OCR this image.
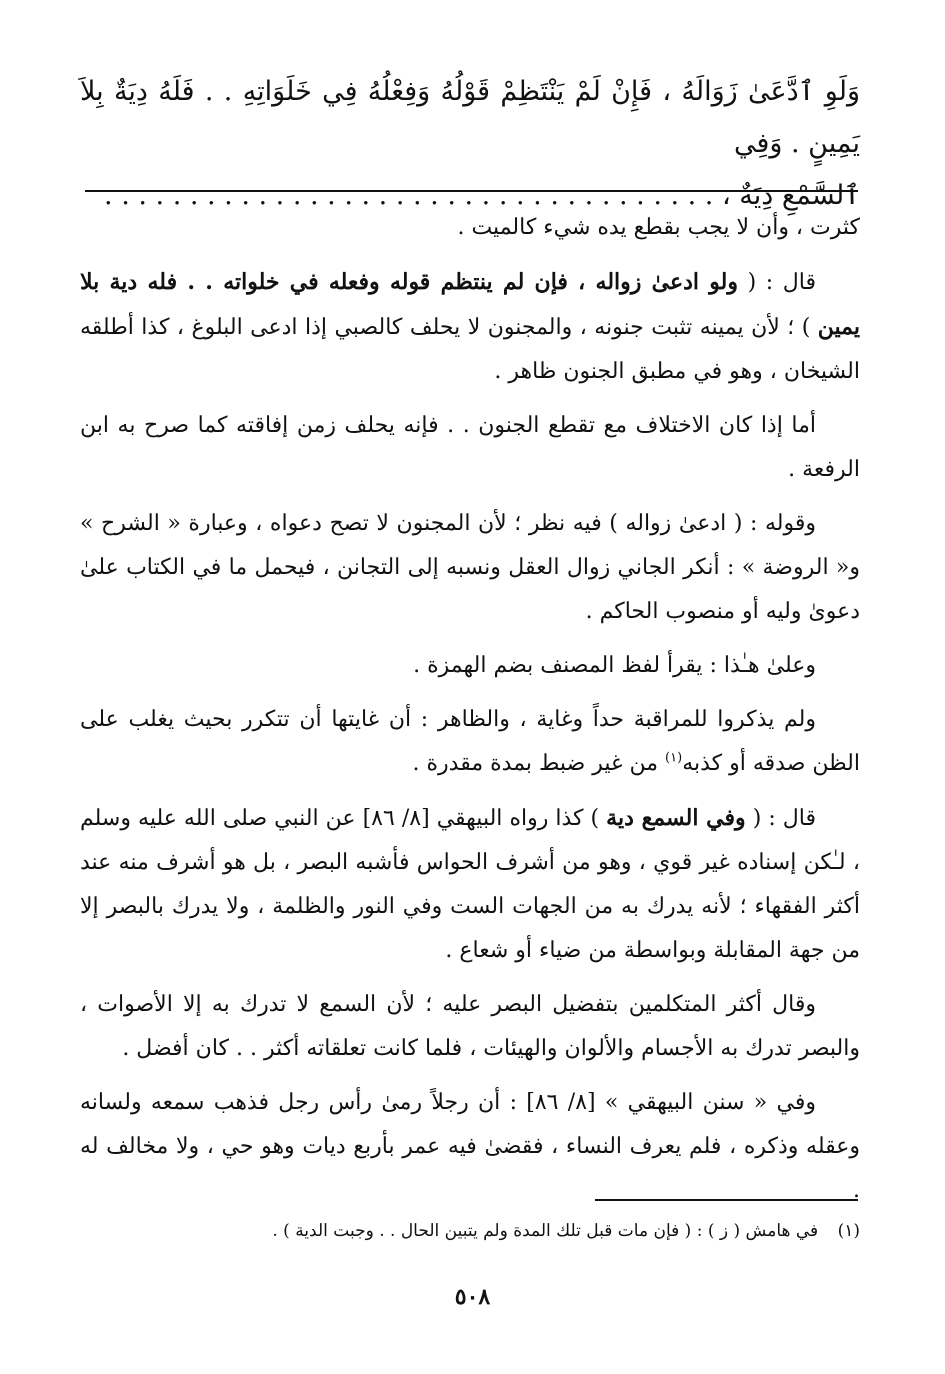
وَلَوِ ٱدَّعَىٰ زَوَالَهُ ، فَإِنْ لَمْ يَنْتَظِمْ قَوْلُهُ وَفِعْلُهُ فِي خَلَوَاتِهِ . . فَلَهُ دِيَةٌ بِلاَ يَمِينٍ . وَفِي
ٱلسَّمْعِ دِيَةٌ ، . . . . . . . . . . . . . . . . . . . . . . . . . . . . . . . . . . . .

كثرت ، وأن لا يجب بقطع يده شيء كالميت .

قال : ( ولو ادعىٰ زواله ، فإن لم ينتظم قوله وفعله في خلواته . . فله دية بلا يمين ) ؛ لأن يمينه تثبت جنونه ، والمجنون لا يحلف كالصبي إذا ادعى البلوغ ، كذا أطلقه الشيخان ، وهو في مطبق الجنون ظاهر .

أما إذا كان الاختلاف مع تقطع الجنون . . فإنه يحلف زمن إفاقته كما صرح به ابن الرفعة .

وقوله : ( ادعىٰ زواله ) فيه نظر ؛ لأن المجنون لا تصح دعواه ، وعبارة « الشرح » و« الروضة » : أنكر الجاني زوال العقل ونسبه إلى التجانن ، فيحمل ما في الكتاب علىٰ دعوىٰ وليه أو منصوب الحاكم .

وعلىٰ هـٰذا : يقرأ لفظ المصنف بضم الهمزة .

ولم يذكروا للمراقبة حداً وغاية ، والظاهر : أن غايتها أن تتكرر بحيث يغلب على الظن صدقه أو كذبه$^{(١)}$ من غير ضبط بمدة مقدرة .

قال : ( وفي السمع دية ) كذا رواه البيهقي [٨/ ٨٦] عن النبي صلى الله عليه وسلم ، لـٰكن إسناده غير قوي ، وهو من أشرف الحواس فأشبه البصر ، بل هو أشرف منه عند أكثر الفقهاء ؛ لأنه يدرك به من الجهات الست وفي النور والظلمة ، ولا يدرك بالبصر إلا من جهة المقابلة وبواسطة من ضياء أو شعاع .

وقال أكثر المتكلمين بتفضيل البصر عليه ؛ لأن السمع لا تدرك به إلا الأصوات ، والبصر تدرك به الأجسام والألوان والهيئات ، فلما كانت تعلقاته أكثر . . كان أفضل .

وفي « سنن البيهقي » [٨/ ٨٦] : أن رجلاً رمىٰ رأس رجل فذهب سمعه ولسانه وعقله وذكره ، فلم يعرف النساء ، فقضىٰ فيه عمر بأربع ديات وهو حي ، ولا مخالف له .

(١) في هامش ( ز ) : ( فإن مات قبل تلك المدة ولم يتبين الحال . . وجبت الدية ) .
٥٠٨
